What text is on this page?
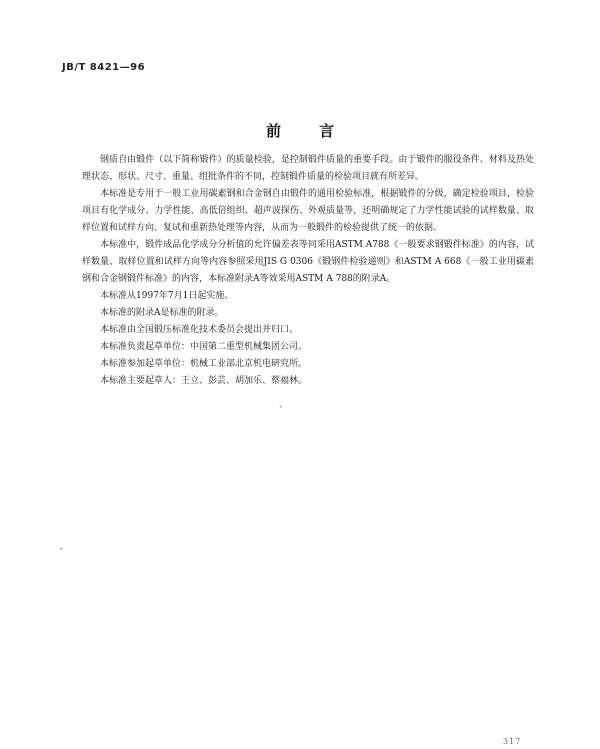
JB/T 8421—96

前言

钢质自由锻件（以下简称锻件）的质量检验，是控制锻件质量的重要手段。由于锻件的服役条件、材料及热处理状态、形状、尺寸、重量、组批条件的不同，控制锻件质量的检验项目就有所差异。

本标准是专用于一般工业用碳素钢和合金钢自由锻件的通用检验标准，根据锻件的分级，确定检验项目，检验项目有化学成分、力学性能、高低倍组织、超声波探伤、外观质量等，还明确规定了力学性能试验的试样数量、取样位置和试样方向、复试和重新热处理等内容，从而为一般锻件的检验提供了统一的依据。

本标准中，锻件成品化学成分分析值的允许偏差表等同采用ASTM A788《一般要求钢锻件标准》的内容，试样数量、取样位置和试样方向等内容参照采用JIS G 0306《锻钢件检验通则》和ASTM A 668《一般工业用碳素钢和合金钢锻件标准》的内容，本标准附录A等效采用ASTM A 788的附录A。

本标准从1997年7月1日起实施。

本标准的附录A是标准的附录。

本标准由全国锻压标准化技术委员会提出并归口。

本标准负责起草单位：中国第二重型机械集团公司。

本标准参加起草单位：机械工业部北京机电研究所。

本标准主要起草人：王立、彭芸、胡加乐、蔡福林。

、

、

317
